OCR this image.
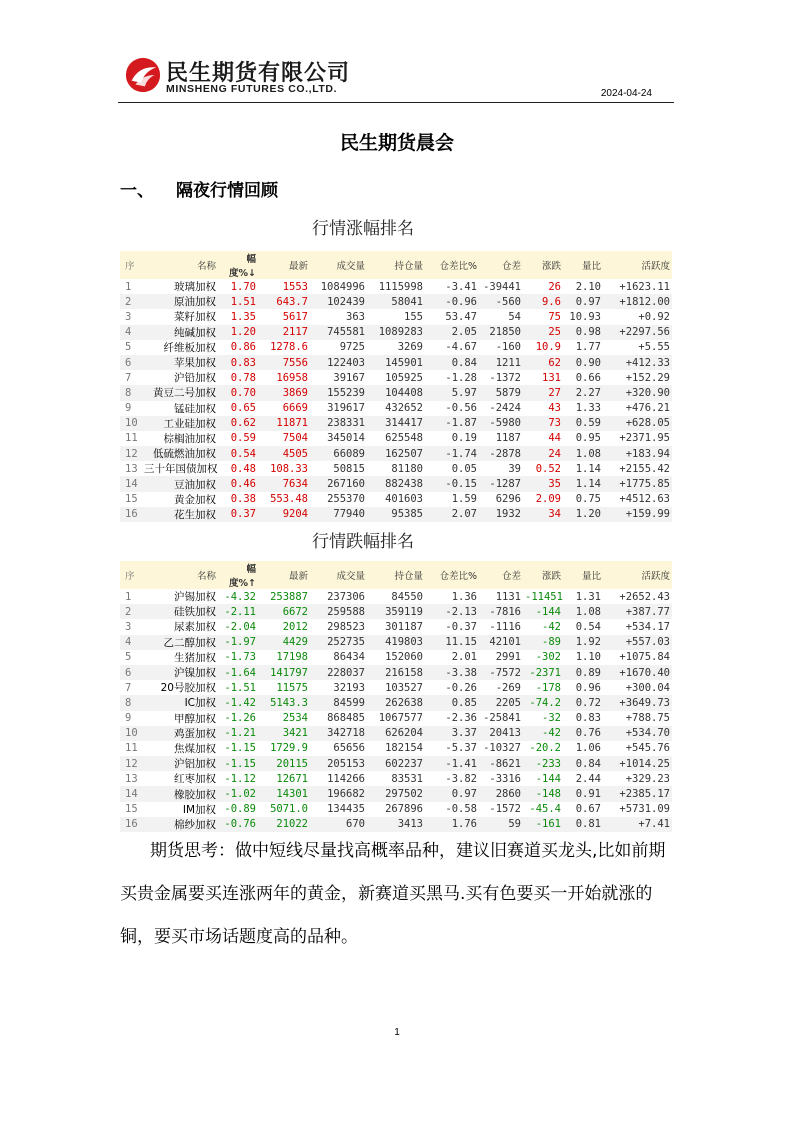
民生期货有限公司
MINSHENG FUTURES CO.,LTD.	2024-04-24
民生期货晨会
一、 隔夜行情回顾
行情涨幅排名
序	名称	幅度%↓	最新	成交量	持仓量	仓差比%	仓差	涨跌	量比	活跃度
1	玻璃加权	1.70	1553	1084996	1115998	-3.41	-39441	26	2.10	+1623.11
2	原油加权	1.51	643.7	102439	58041	-0.96	-560	9.6	0.97	+1812.00
3	菜籽加权	1.35	5617	363	155	53.47	54	75	10.93	+0.92
4	纯碱加权	1.20	2117	745581	1089283	2.05	21850	25	0.98	+2297.56
5	纤维板加权	0.86	1278.6	9725	3269	-4.67	-160	10.9	1.77	+5.55
6	苹果加权	0.83	7556	122403	145901	0.84	1211	62	0.90	+412.33
7	沪铅加权	0.78	16958	39167	105925	-1.28	-1372	131	0.66	+152.29
8	黄豆二号加权	0.70	3869	155239	104408	5.97	5879	27	2.27	+320.90
9	锰硅加权	0.65	6669	319617	432652	-0.56	-2424	43	1.33	+476.21
10	工业硅加权	0.62	11871	238331	314417	-1.87	-5980	73	0.59	+628.05
11	棕榈油加权	0.59	7504	345014	625548	0.19	1187	44	0.95	+2371.95
12	低硫燃油加权	0.54	4505	66089	162507	-1.74	-2878	24	1.08	+183.94
13	三十年国债加权	0.48	108.33	50815	81180	0.05	39	0.52	1.14	+2155.42
14	豆油加权	0.46	7634	267160	882438	-0.15	-1287	35	1.14	+1775.85
15	黄金加权	0.38	553.48	255370	401603	1.59	6296	2.09	0.75	+4512.63
16	花生加权	0.37	9204	77940	95385	2.07	1932	34	1.20	+159.99
行情跌幅排名
序	名称	幅度%↑	最新	成交量	持仓量	仓差比%	仓差	涨跌	量比	活跃度
1	沪锡加权	-4.32	253887	237306	84550	1.36	1131	-11451	1.31	+2652.43
2	硅铁加权	-2.11	6672	259588	359119	-2.13	-7816	-144	1.08	+387.77
3	尿素加权	-2.04	2012	298523	301187	-0.37	-1116	-42	0.54	+534.17
4	乙二醇加权	-1.97	4429	252735	419803	11.15	42101	-89	1.92	+557.03
5	生猪加权	-1.73	17198	86434	152060	2.01	2991	-302	1.10	+1075.84
6	沪镍加权	-1.64	141797	228037	216158	-3.38	-7572	-2371	0.89	+1670.40
7	20号胶加权	-1.51	11575	32193	103527	-0.26	-269	-178	0.96	+300.04
8	IC加权	-1.42	5143.3	84599	262638	0.85	2205	-74.2	0.72	+3649.73
9	甲醇加权	-1.26	2534	868485	1067577	-2.36	-25841	-32	0.83	+788.75
10	鸡蛋加权	-1.21	3421	342718	626204	3.37	20413	-42	0.76	+534.70
11	焦煤加权	-1.15	1729.9	65656	182154	-5.37	-10327	-20.2	1.06	+545.76
12	沪铝加权	-1.15	20115	205153	602237	-1.41	-8621	-233	0.84	+1014.25
13	红枣加权	-1.12	12671	114266	83531	-3.82	-3316	-144	2.44	+329.23
14	橡胶加权	-1.02	14301	196682	297502	0.97	2860	-148	0.91	+2385.17
15	IM加权	-0.89	5071.0	134435	267896	-0.58	-1572	-45.4	0.67	+5731.09
16	棉纱加权	-0.76	21022	670	3413	1.76	59	-161	0.81	+7.41
期货思考：做中短线尽量找高概率品种，建议旧赛道买龙头,比如前期买贵金属要买连涨两年的黄金，新赛道买黑马.买有色要买一开始就涨的铜，要买市场话题度高的品种。
1
